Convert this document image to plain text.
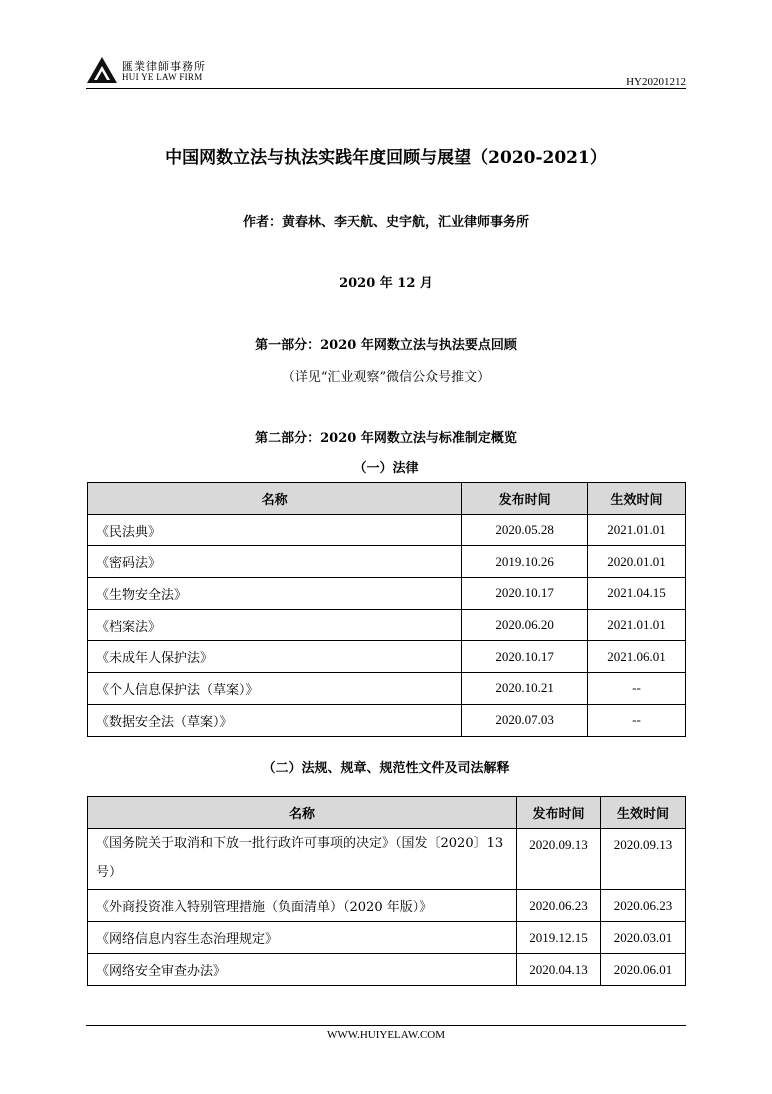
匯業律師事務所
HUI YE LAW FIRM	HY20201212
中国网数立法与执法实践年度回顾与展望（2020-2021）
作者：黄春林、李天航、史宇航，汇业律师事务所
2020 年 12 月
第一部分：2020 年网数立法与执法要点回顾
（详见“汇业观察”微信公众号推文）
第二部分：2020 年网数立法与标准制定概览
（一）法律
名称	发布时间	生效时间
《民法典》	2020.05.28	2021.01.01
《密码法》	2019.10.26	2020.01.01
《生物安全法》	2020.10.17	2021.04.15
《档案法》	2020.06.20	2021.01.01
《未成年人保护法》	2020.10.17	2021.06.01
《个人信息保护法（草案）》	2020.10.21	--
《数据安全法（草案）》	2020.07.03	--
（二）法规、规章、规范性文件及司法解释
名称	发布时间	生效时间
《国务院关于取消和下放一批行政许可事项的决定》（国发〔2020〕13 号）	2020.09.13	2020.09.13
《外商投资准入特别管理措施（负面清单）（2020 年版）》	2020.06.23	2020.06.23
《网络信息内容生态治理规定》	2019.12.15	2020.03.01
《网络安全审查办法》	2020.04.13	2020.06.01
WWW.HUIYELAW.COM
